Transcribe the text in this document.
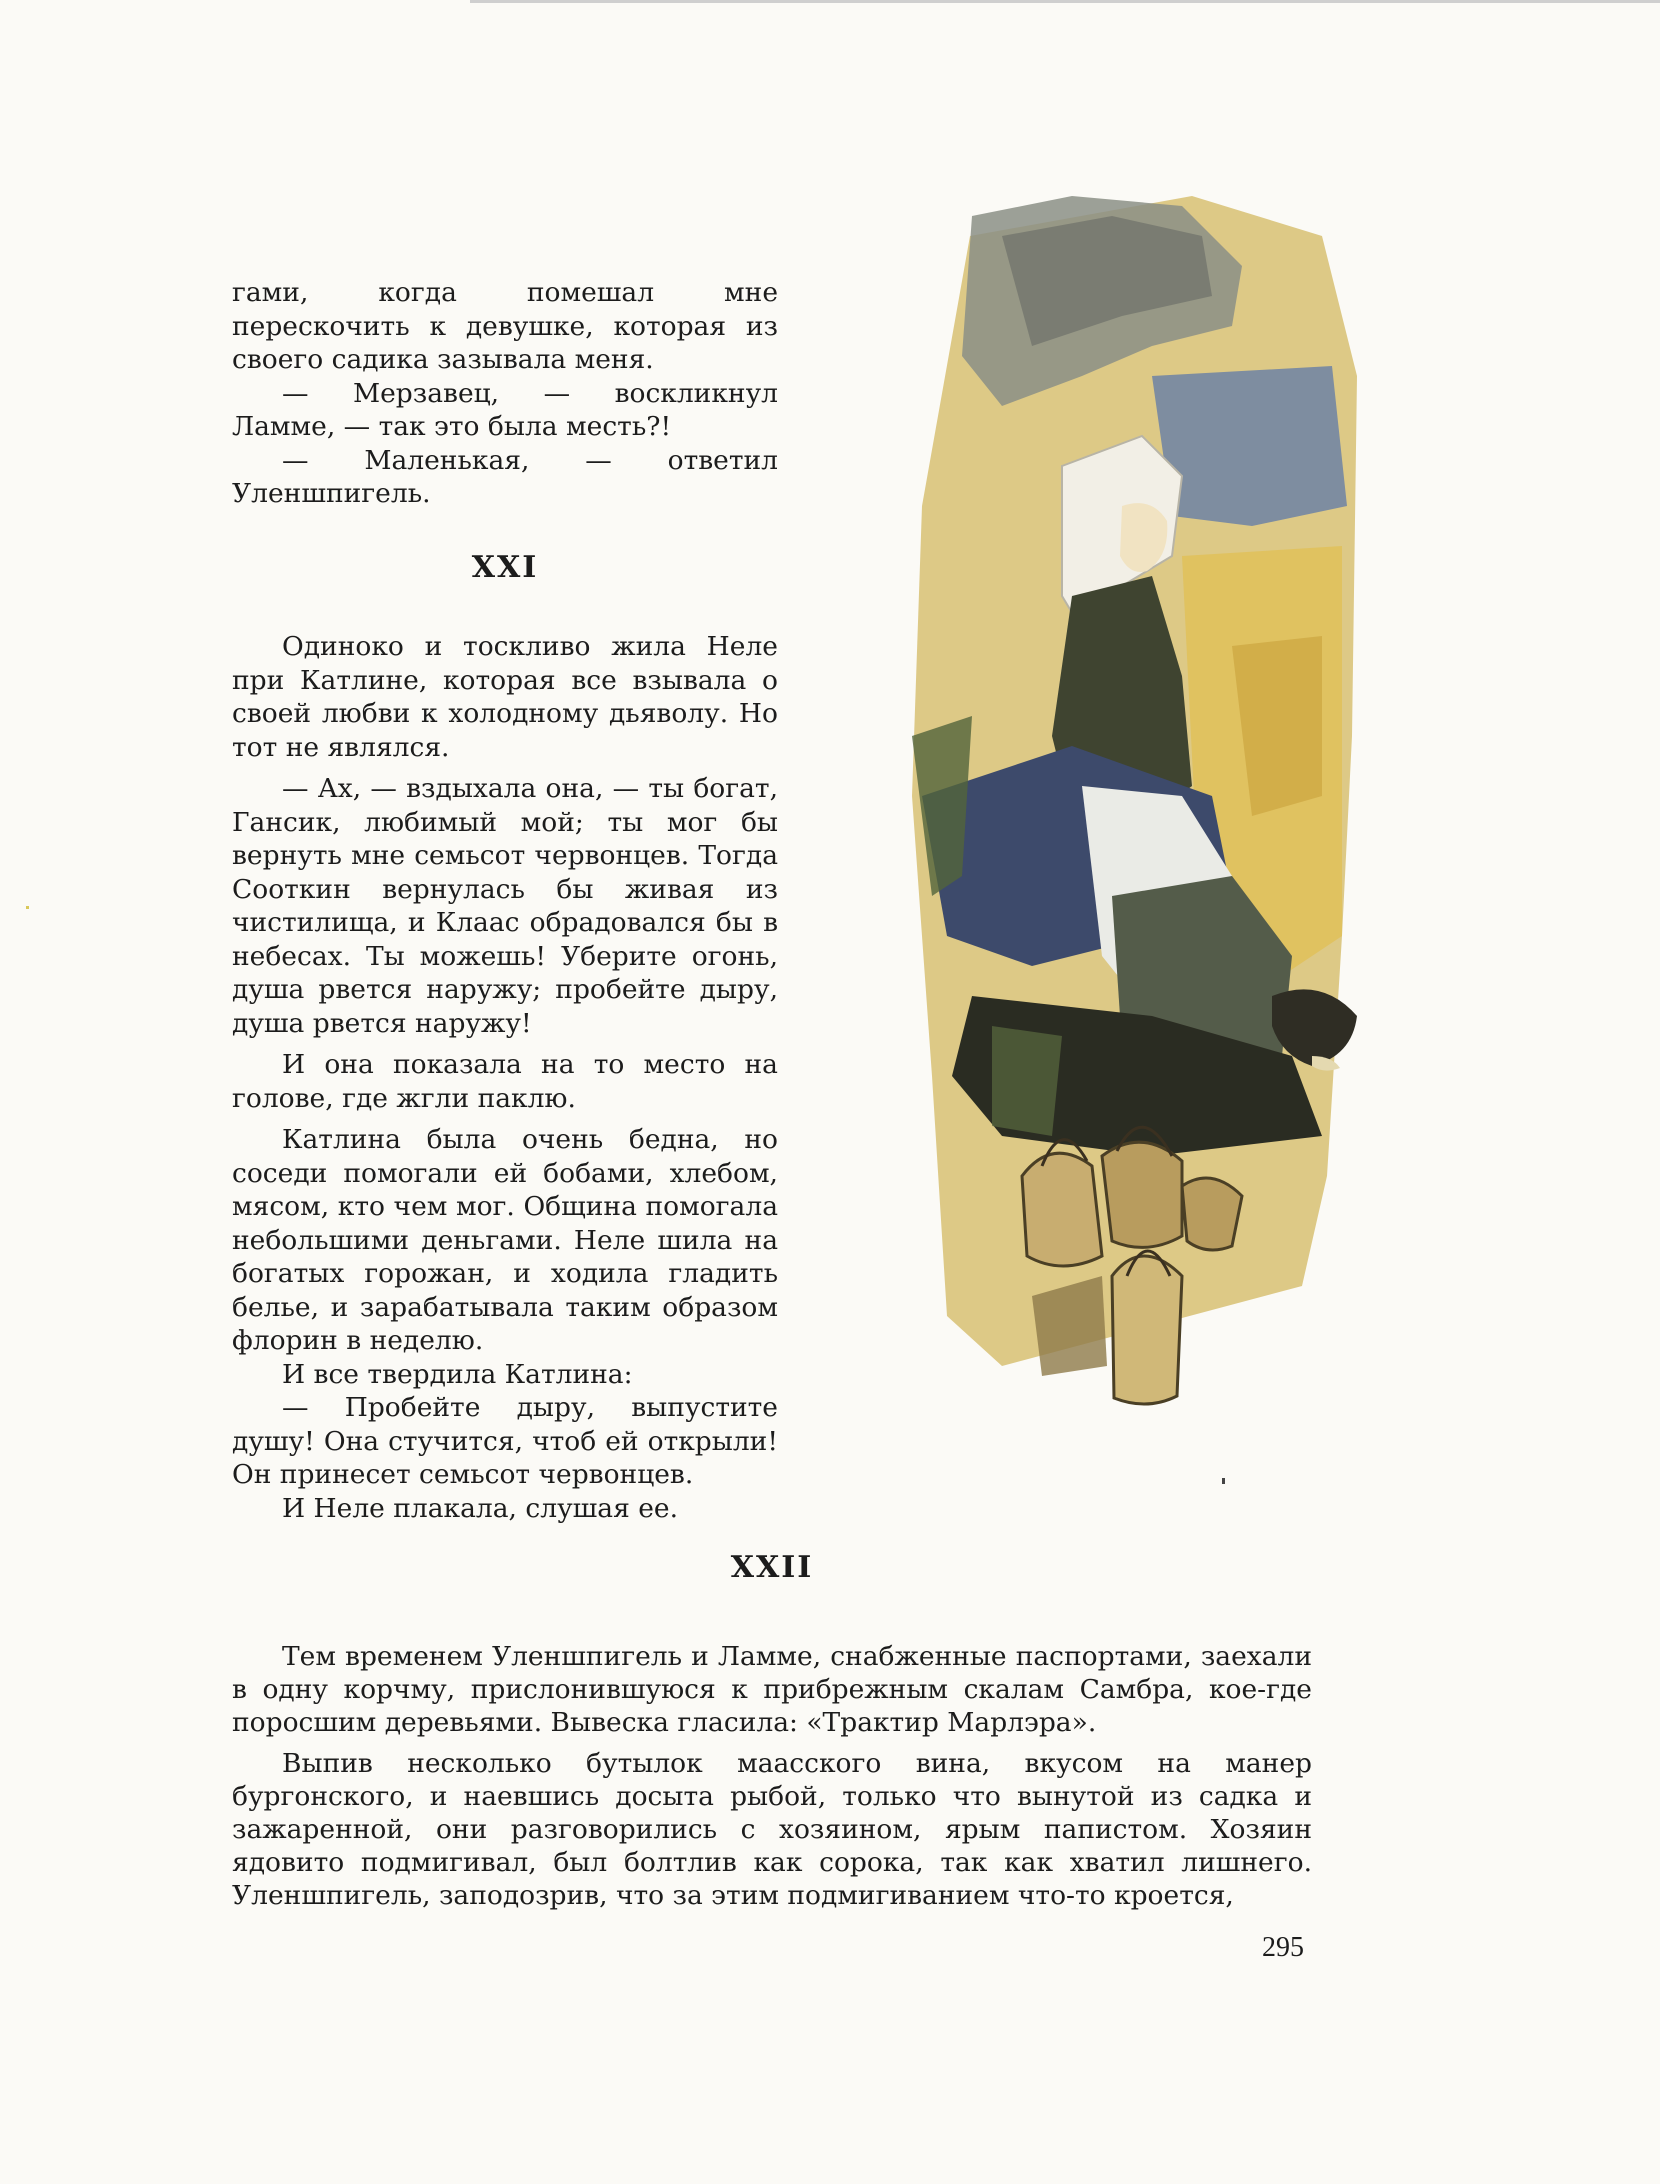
гами, когда помешал мне перескочить к девушке, которая из своего садика зазывала меня.

— Мерзавец, — воскликнул Ламме, — так это была месть?!

— Маленькая, — ответил Уленшпигель.

XXI

Одиноко и тоскливо жила Неле при Катлине, которая все взывала о своей любви к холодному дьяволу. Но тот не являлся.

— Ах, — вздыхала она, — ты богат, Гансик, любимый мой; ты мог бы вернуть мне семьсот червонцев. Тогда Сооткин вернулась бы живая из чистилища, и Клаас обрадовался бы в небесах. Ты можешь! Уберите огонь, душа рвется наружу; пробейте дыру, душа рвется наружу!

И она показала на то место на голове, где жгли паклю.

Катлина была очень бедна, но соседи помогали ей бобами, хлебом, мясом, кто чем мог. Община помогала небольшими деньгами. Неле шила на богатых горожан, и ходила гладить белье, и зарабатывала таким образом флорин в неделю.

И все твердила Катлина:

— Пробейте дыру, выпустите душу! Она стучится, чтоб ей открыли! Он принесет семьсот червонцев.

И Неле плакала, слушая ее.

XXII

Тем временем Уленшпигель и Ламме, снабженные паспортами, заехали в одну корчму, прислонившуюся к прибрежным скалам Самбра, кое-где поросшим деревьями. Вывеска гласила: «Трактир Марлэра».

Выпив несколько бутылок маасского вина, вкусом на манер бургонского, и наевшись досыта рыбой, только что вынутой из садка и зажаренной, они разговорились с хозяином, ярым папистом. Хозяин ядовито подмигивал, был болтлив как сорока, так как хватил лишнего. Уленшпигель, заподозрив, что за этим подмигиванием что-то кроется,

295
